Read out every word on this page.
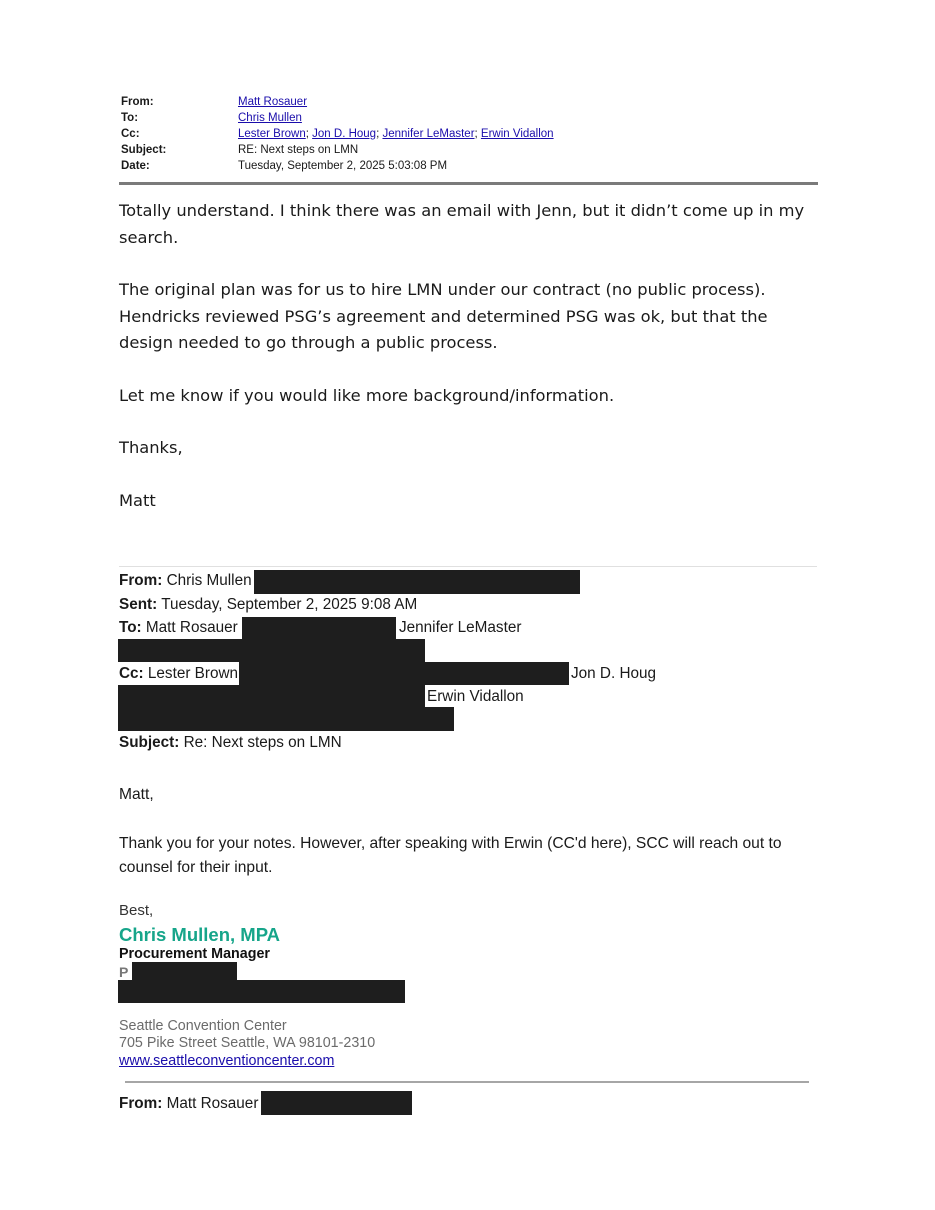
From:	Matt Rosauer
To:	Chris Mullen
Cc:	Lester Brown; Jon D. Houg; Jennifer LeMaster; Erwin Vidallon
Subject:	RE: Next steps on LMN
Date:	Tuesday, September 2, 2025 5:03:08 PM

Totally understand. I think there was an email with Jenn, but it didn’t come up in my search.

The original plan was for us to hire LMN under our contract (no public process). Hendricks reviewed PSG’s agreement and determined PSG was ok, but that the design needed to go through a public process.

Let me know if you would like more background/information.

Thanks,

Matt

From: Chris Mullen
Sent: Tuesday, September 2, 2025 9:08 AM
To: Matt Rosauer	Jennifer LeMaster
Cc: Lester Brown	Jon D. Houg
Erwin Vidallon
Subject: Re: Next steps on LMN

Matt,

Thank you for your notes. However, after speaking with Erwin (CC'd here), SCC will reach out to counsel for their input.

Best,
Chris Mullen, MPA
Procurement Manager
P
Seattle Convention Center
705 Pike Street Seattle, WA 98101-2310
www.seattleconventioncenter.com
From: Matt Rosauer
